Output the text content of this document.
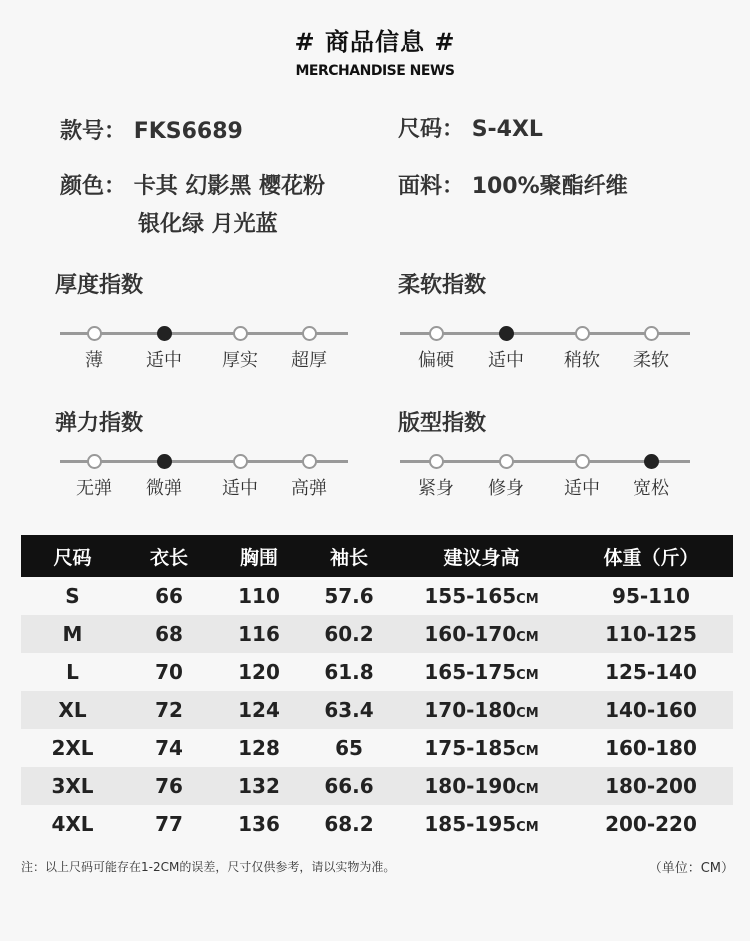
# 商品信息 #
MERCHANDISE NEWS
款号： FKS6689	尺码： S-4XL
颜色： 卡其 幻影黑 樱花粉
银化绿 月光蓝
面料： 100%聚酯纤维
厚度指数
薄 适中 厚实 超厚
柔软指数
偏硬 适中 稍软 柔软
弹力指数
无弹 微弹 适中 高弹
版型指数
紧身 修身 适中 宽松
尺码	衣长	胸围	袖长	建议身高	体重（斤）
S	66	110	57.6	155-165CM	95-110
M	68	116	60.2	160-170CM	110-125
L	70	120	61.8	165-175CM	125-140
XL	72	124	63.4	170-180CM	140-160
2XL	74	128	65	175-185CM	160-180
3XL	76	132	66.6	180-190CM	180-200
4XL	77	136	68.2	185-195CM	200-220
注：以上尺码可能存在1-2CM的误差，尺寸仅供参考，请以实物为准。	（单位：CM）
